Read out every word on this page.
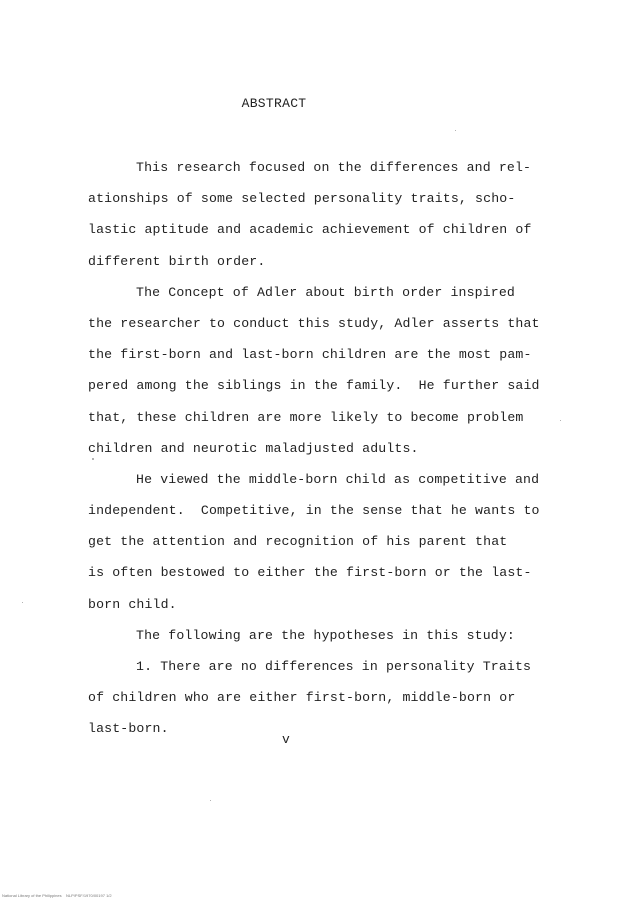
ABSTRACT
This research focused on the differences and rel-
ationships of some selected personality traits, scho-
lastic aptitude and academic achievement of children of
different birth order.
The Concept of Adler about birth order inspired
the researcher to conduct this study, Adler asserts that
the first-born and last-born children are the most pam-
pered among the siblings in the family.  He further said
that, these children are more likely to become problem
children and neurotic maladjusted adults.
He viewed the middle-born child as competitive and
independent.  Competitive, in the sense that he wants to
get the attention and recognition of his parent that
is often bestowed to either the first-born or the last-
born child.
The following are the hypotheses in this study:
1. There are no differences in personality Traits
of children who are either first-born, middle-born or
last-born.
v
National Library of the Philippines    NLP/PSF/1970/00197 1/2
